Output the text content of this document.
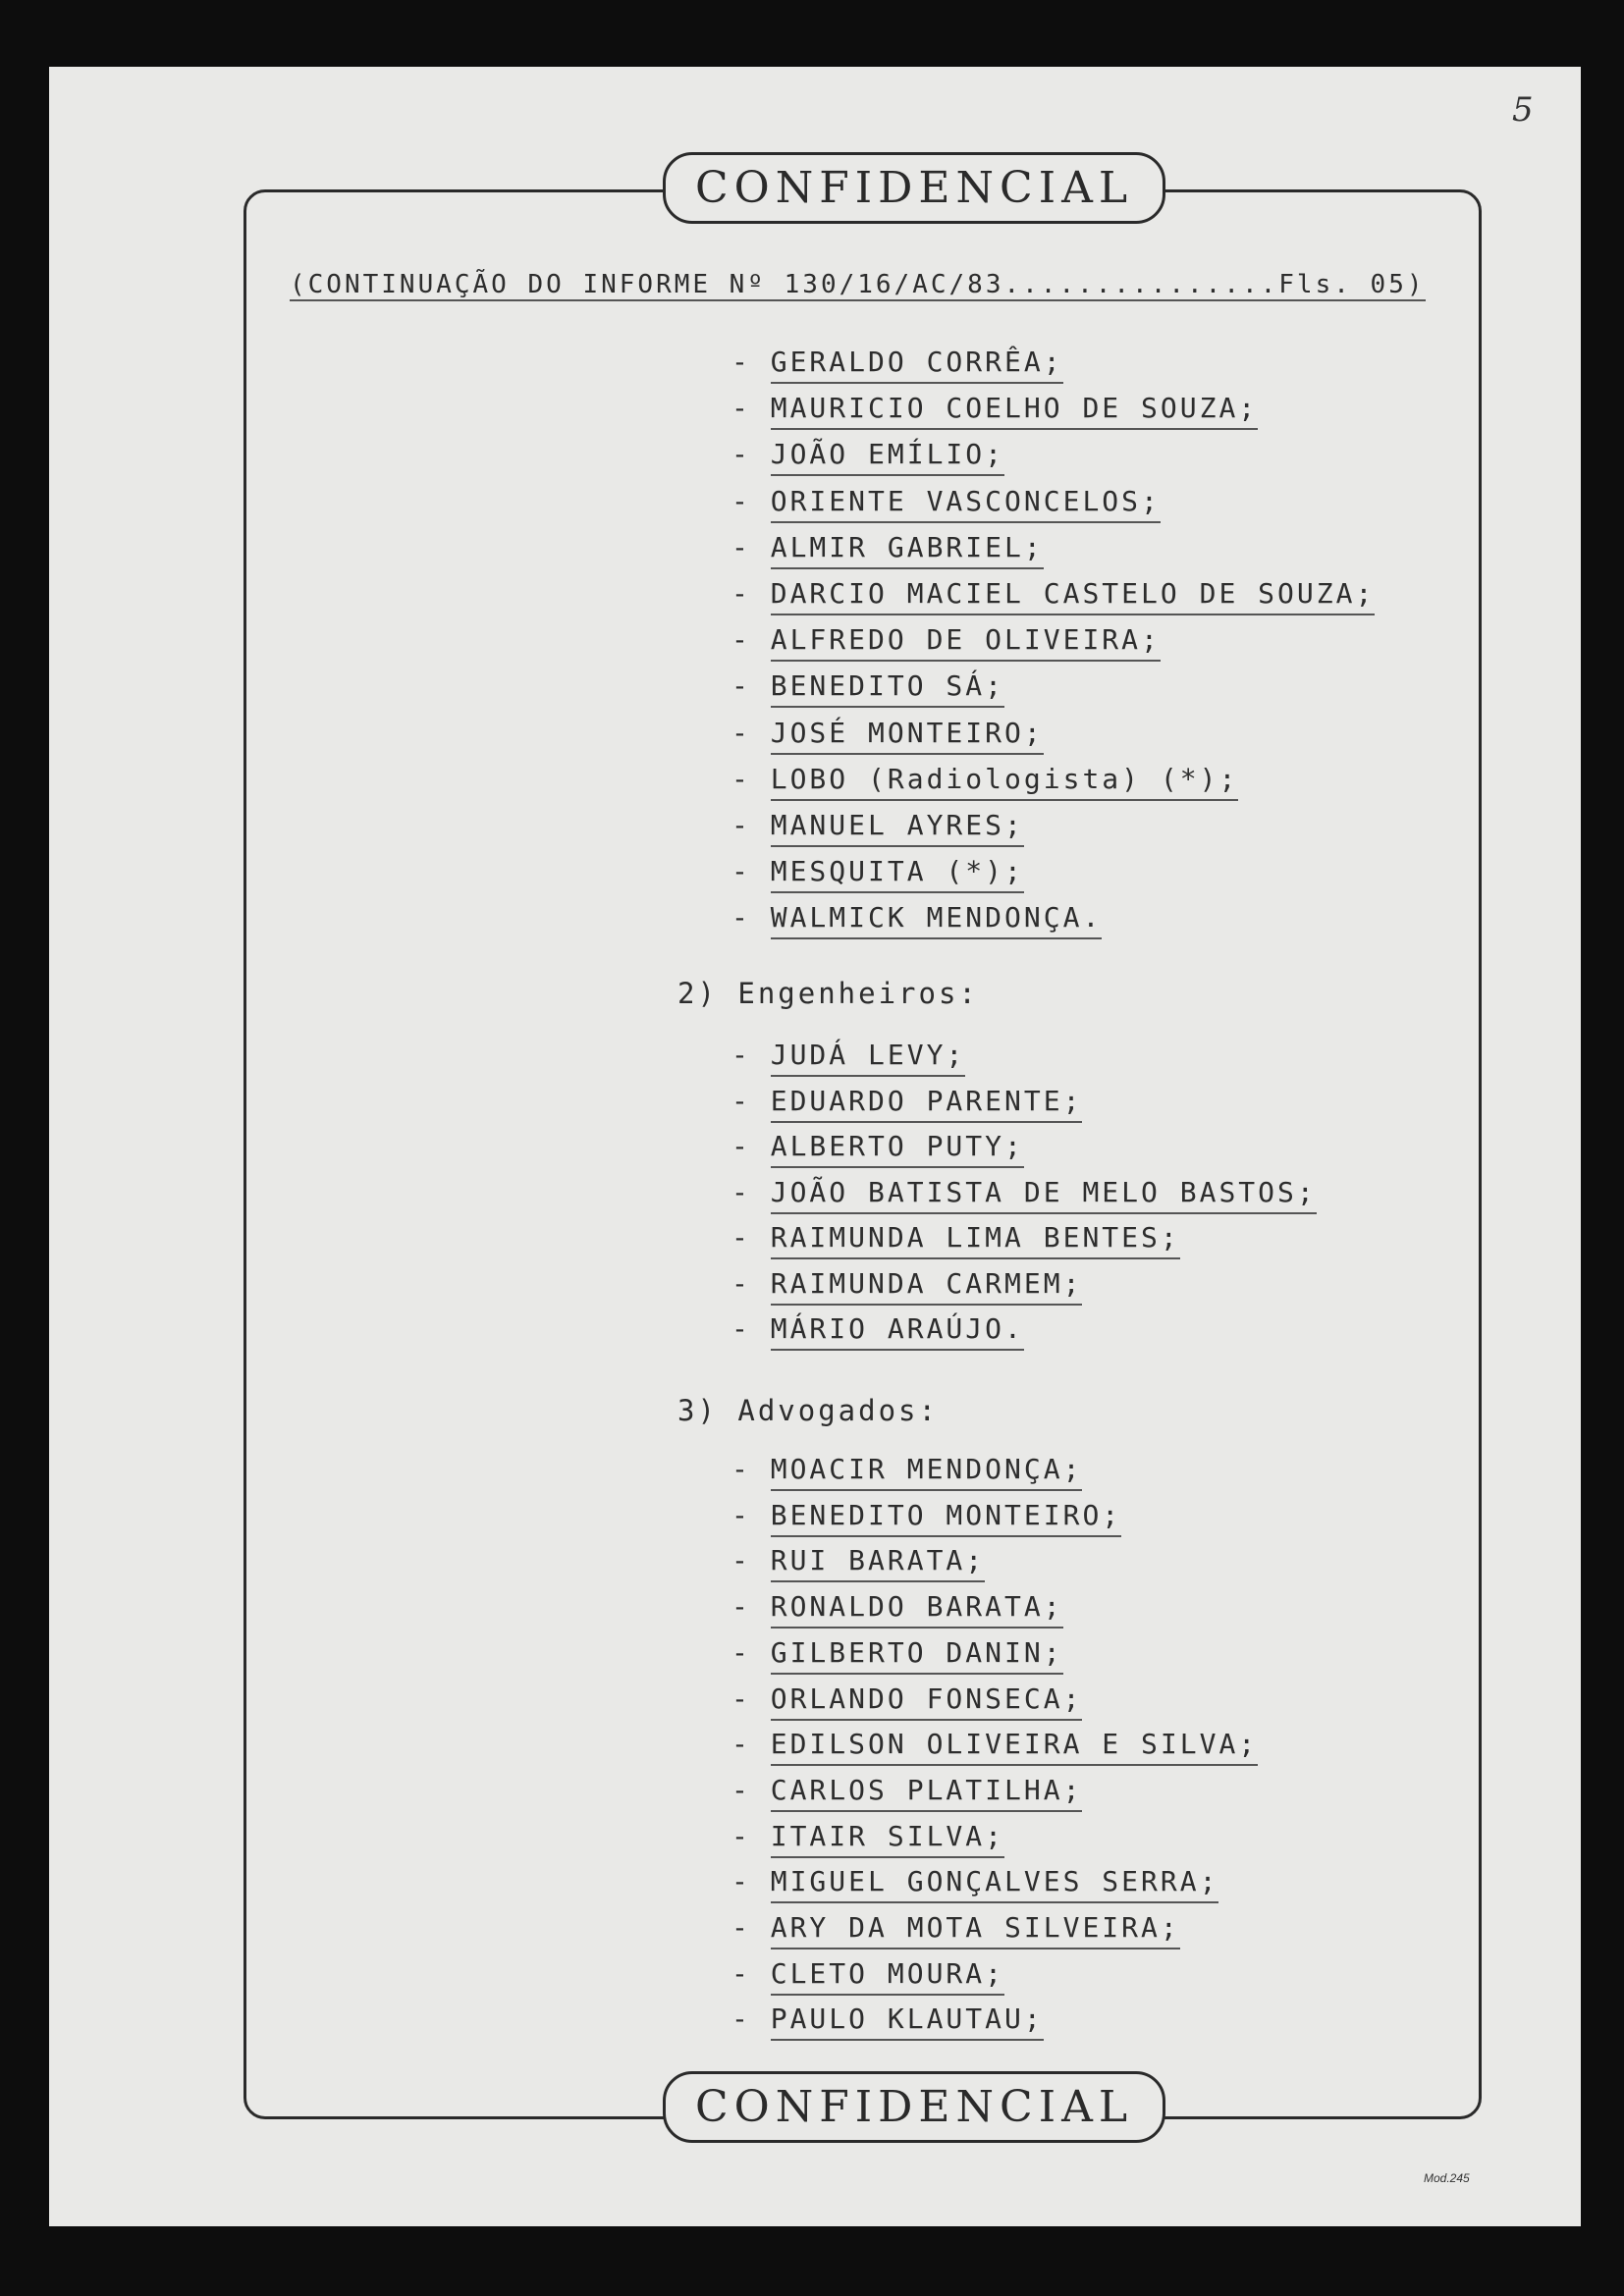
5
CONFIDENCIAL
(CONTINUAÇÃO DO INFORME Nº 130/16/AC/83...............Fls. 05)
- GERALDO CORRÊA;
- MAURICIO COELHO DE SOUZA;
- JOÃO EMÍLIO;
- ORIENTE VASCONCELOS;
- ALMIR GABRIEL;
- DARCIO MACIEL CASTELO DE SOUZA;
- ALFREDO DE OLIVEIRA;
- BENEDITO SÁ;
- JOSÉ MONTEIRO;
- LOBO (Radiologista) (*);
- MANUEL AYRES;
- MESQUITA (*);
- WALMICK MENDONÇA.
2) Engenheiros:
- JUDÁ LEVY;
- EDUARDO PARENTE;
- ALBERTO PUTY;
- JOÃO BATISTA DE MELO BASTOS;
- RAIMUNDA LIMA BENTES;
- RAIMUNDA CARMEM;
- MÁRIO ARAÚJO.
3) Advogados:
- MOACIR MENDONÇA;
- BENEDITO MONTEIRO;
- RUI BARATA;
- RONALDO BARATA;
- GILBERTO DANIN;
- ORLANDO FONSECA;
- EDILSON OLIVEIRA E SILVA;
- CARLOS PLATILHA;
- ITAIR SILVA;
- MIGUEL GONÇALVES SERRA;
- ARY DA MOTA SILVEIRA;
- CLETO MOURA;
- PAULO KLAUTAU;
CONFIDENCIAL
Mod.245
